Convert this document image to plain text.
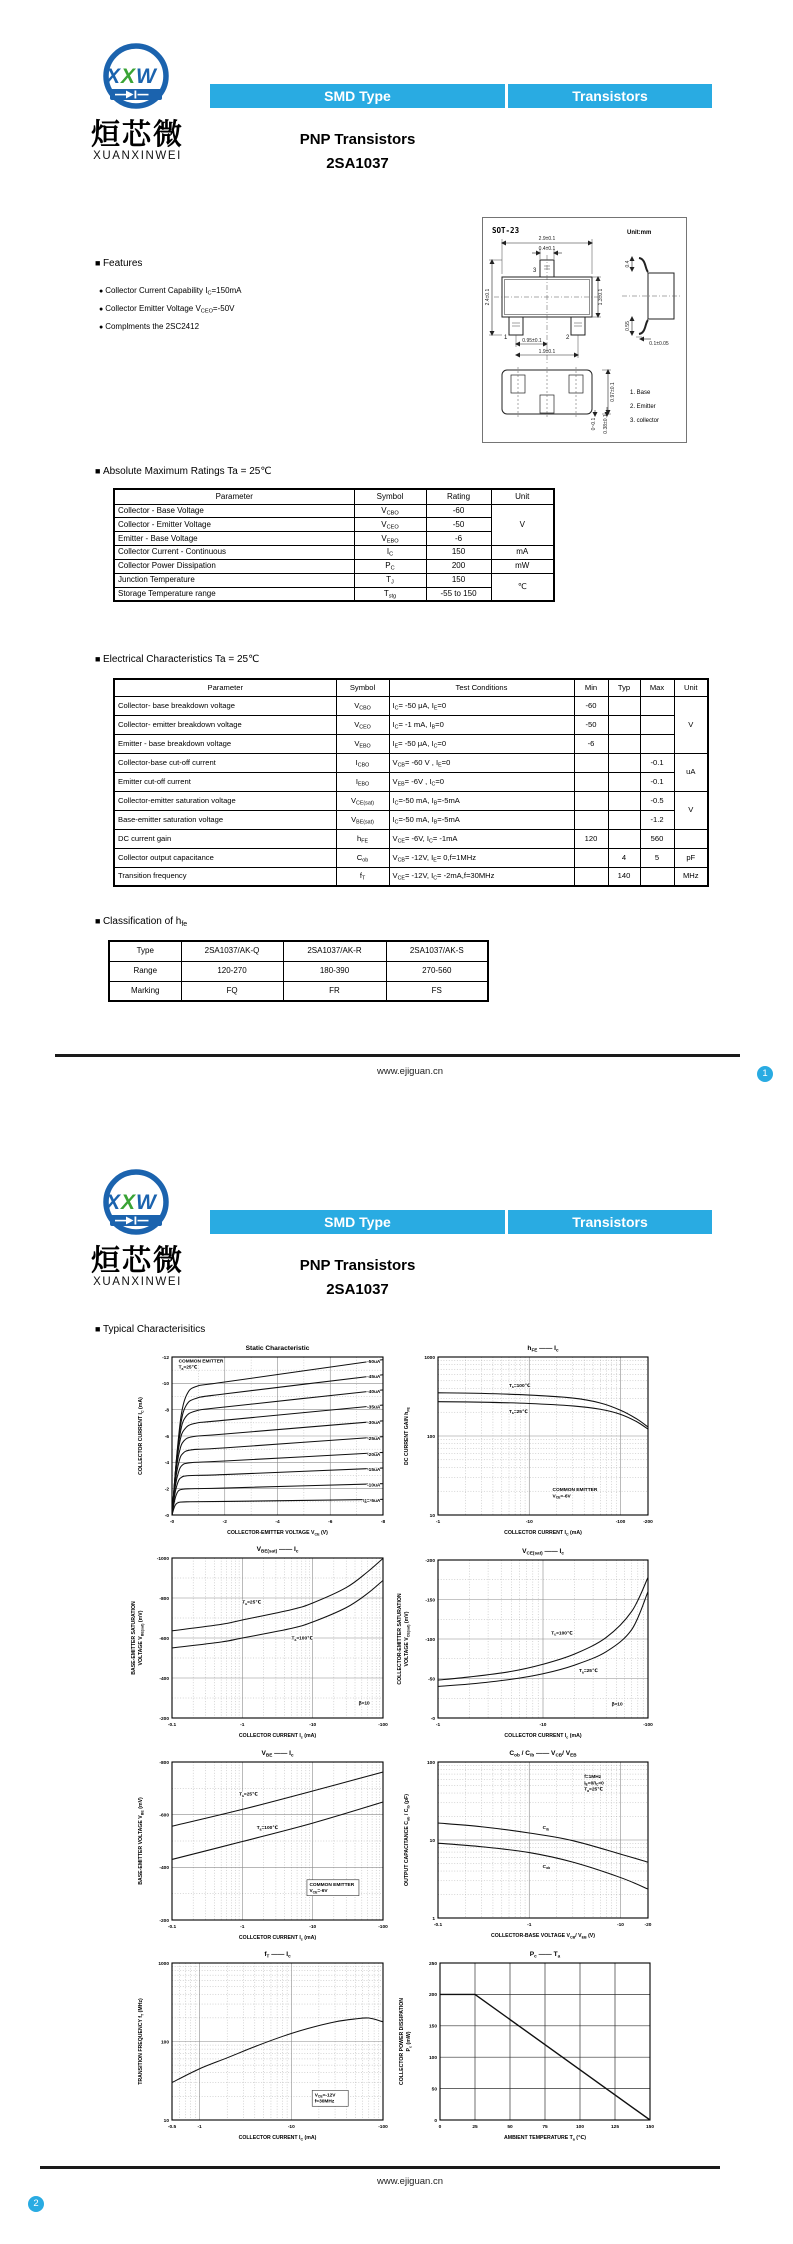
X X W
烜芯微
XUANXINWEI
SMD Type	Transistors
PNP Transistors
2SA1037
■ Features
● Collector Current Capability $I_C=150mA$
● Collector Emitter Voltage $V_{CEO}=-50V$
● Complments the 2SC2412
SOT-23	Unit:mm
1. Base
2. Emitter
3. collector
2.9±0.1
0.4±0.1
2.4±0.1	1.3±0.1
0.95±0.1
1.9±0.1
0.4
0.55
0.1±0.05
0.97±0.1
0~0.1 0.38±0.1
3
1	2
■ Absolute Maximum Ratings Ta = 25℃
Parameter	Symbol	Rating	Unit
Collector - Base Voltage	$V_{CBO}$	-60	V
Collector - Emitter Voltage	$V_{CEO}$	-50	
Emitter - Base Voltage	$V_{EBO}$	-6	
Collector Current - Continuous	$I_C$	150	mA
Collector Power Dissipation	$P_C$	200	mW
Junction Temperature	$T_J$	150	℃
Storage Temperature range	$T_{stg}$	-55 to 150	
■ Electrical Characteristics Ta = 25℃
Parameter	Symbol	Test Conditions	Min	Typ	Max	Unit
Collector- base breakdown voltage	$V_{CBO}$	$I_C= -50$ μA, $I_E=0$	-60			V
Collector- emitter breakdown voltage	$V_{CEO}$	$I_C= -1$ mA, $I_B=0$	-50			
Emitter - base breakdown voltage	$V_{EBO}$	$I_E= -50$ μA, $I_C=0$	-6			
Collector-base cut-off current	$I_{CBO}$	$V_{CB}= -60$ V , $I_E=0$			-0.1	uA
Emitter cut-off current	$I_{EBO}$	$V_{EB}= -6V$ , $I_C=0$			-0.1	
Collector-emitter saturation voltage	$V_{CE(sat)}$	$I_C=-50$ mA, $I_B=-5mA$			-0.5	V
Base-emitter saturation voltage	$V_{BE(sat)}$	$I_C=-50$ mA, $I_B=-5mA$			-1.2	
DC current gain	$h_{FE}$	$V_{CE}= -6V$, $I_C= -1mA$	120		560	
Collector output capacitance	$C_{ob}$	$V_{CB}= -12V$, $I_E= 0,f=1MHz$		4	5	pF
Transition frequency	$f_T$	$V_{CE}= -12V$, $I_C= -2mA,f=30MHz$		140		MHz
■ Classification of $h_{fe}$
Type	2SA1037/AK-Q	2SA1037/AK-R	2SA1037/AK-S
Range	120-270	180-390	270-560
Marking	FQ	FR	FS
www.ejiguan.cn	1
X X W
烜芯微
XUANXINWEI
SMD Type	Transistors
PNP Transistors
2SA1037
■ Typical Characterisitics
-0	-2	-4	-6	-8
-0
-2
-4
-6
-8
-10
-12
Static Characteristic
COLLECTOR-EMITTER VOLTAGE $V_{CE}$ (V)
COLLECTOR CURRENT $I_C$ (mA)
-50uA
-45uA
-40uA
-35uA
-30uA
-25uA
-20uA
-15uA
-10uA
$I_B=-5uA$
COMMON EMITTER
$T_a=25℃$
-1	-10	-100	-200
10
100
1000
hFE —— Ic
COLLECTOR CURRENT $I_C$ (mA)
DC CURRENT GAIN $h_{FE}$
$T_a=100℃$
$T_a=25℃$
COMMON EMITTER
$V_{CE}=-6V$
-0.1	-1	-10	-100
-200
-400
-600
-800
-1000
VBE(sat) —— Ic
COLLECTOR CURRENT $I_c$ (mA)
BASE-EMITTER SATURATION VOLTAGE $V_{BE(sat)}$ (mV)
$T_a=25℃$
$T_a=100℃$
β=10
-1	-10	-100
-0
-50
-100
-150
-200
VCE(sat) —— Ic
COLLECTOR CURRENT $I_c$ (mA)
COLLECTOR-EMITTER SATURATION VOLTAGE $V_{CE(sat)}$ (mV)
$T_a=100℃$
$T_a=25℃$
β=10
-0.1	-1	-10	-100
-200
-400
-600
-800
VBE —— Ic
COLLCETOR CURRENT $I_c$ (mA)
BASE-EMITTER VOLTAGE $V_{BE}$ (mV)
$T_a=25℃$
$T_a=100℃$
COMMON EMITTER
$V_{CE}=-6V$
-0.1	-1	-10	-20
1
10
100
Cob / Cib —— VCB/ VEB
COLLECTOR-BASE VOLTAGE $V_{CB}/$ $V_{EB}$ (V)
OUTPUT CAPACITANCE $C_{ob} / C_{ib}$ (pF)
$C_{ib}$
$C_{ob}$
f=1MHz
$I_E=0/I_C=0$
$T_a=25℃$
-0.5	-1	-10	-100
10
100
1000
fT —— Ic
COLLECTOR CURRENT $I_C$ (mA)
TRANSITION FREQUENCY $f_T$ (MHz)
$V_{CE}=-12V$
f=30MHz
0	25	50	75	100	125	150
0
50
100
150
200
250
Pc —— Ta
AMBIENT TEMPERATURE $T_a$ (℃)
COLLECTOR POWER DISSIPATION $P_c$ (mW)
www.ejiguan.cn
2
